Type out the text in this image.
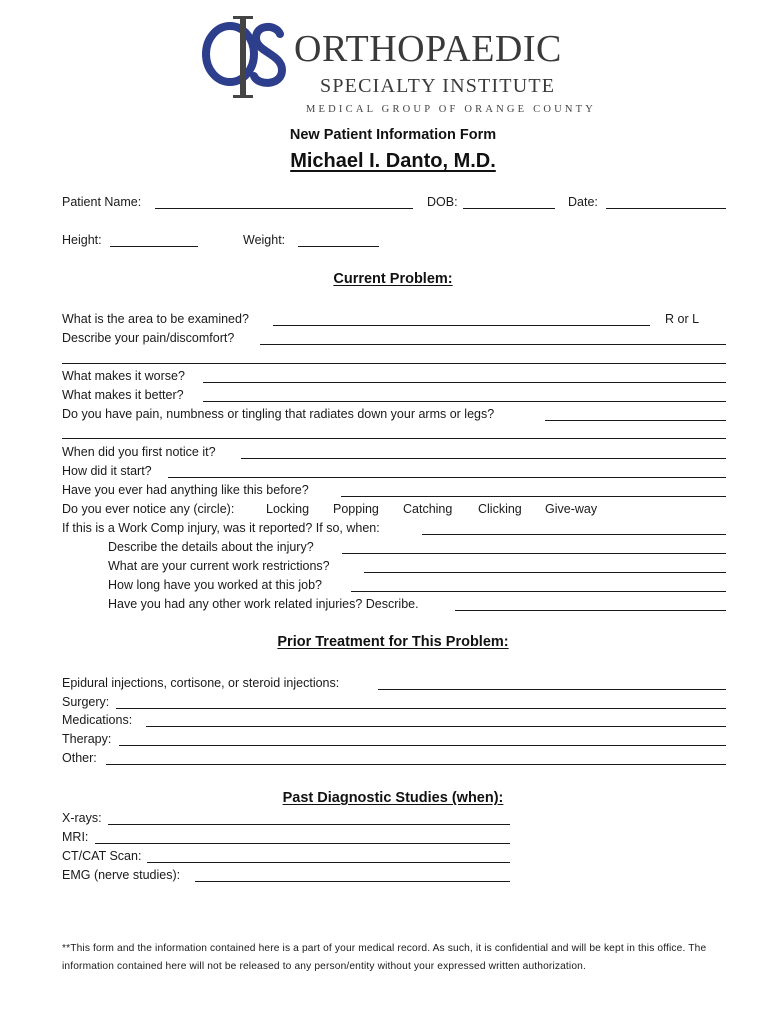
ORTHOPAEDIC
SPECIALTY INSTITUTE
MEDICAL GROUP OF ORANGE COUNTY
New Patient Information Form
Michael I. Danto, M.D.
Patient Name:	DOB:	Date:
Height:	Weight:
Current Problem:
What is the area to be examined?	R or L
Describe your pain/discomfort?
What makes it worse?
What makes it better?
Do you have pain, numbness or tingling that radiates down your arms or legs?
When did you first notice it?
How did it start?
Have you ever had anything like this before?
Do you ever notice any (circle):	Locking Popping Catching Clicking Give-way
If this is a Work Comp injury, was it reported? If so, when:
Describe the details about the injury?
What are your current work restrictions?
How long have you worked at this job?
Have you had any other work related injuries? Describe.
Prior Treatment for This Problem:
Epidural injections, cortisone, or steroid injections:
Surgery:
Medications:
Therapy:
Other:
Past Diagnostic Studies (when):
X-rays:
MRI:
CT/CAT Scan:
EMG (nerve studies):
**This form and the information contained here is a part of your medical record. As such, it is confidential and will be kept in this office. The information contained here will not be released to any person/entity without your expressed written authorization.
